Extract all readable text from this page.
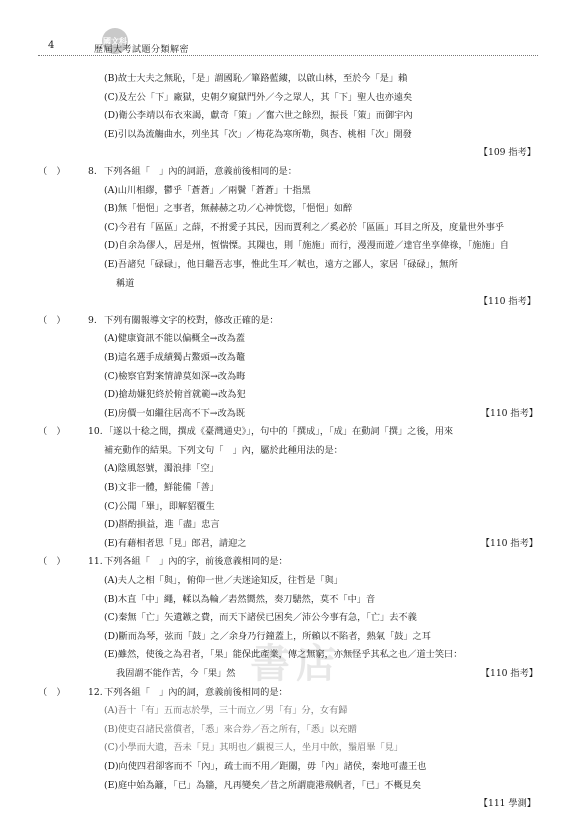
4	國文科
歷屆大考試題分類解密
(B)故士大夫之無恥，「是」謂國恥／篳路藍縷，以啟山林，至於今「是」賴
(C)及左公「下」廠獄，史朝夕窺獄門外／今之眾人，其「下」聖人也亦遠矣
(D)衛公李靖以布衣來謁，獻奇「策」／奮六世之餘烈，振長「策」而御宇內
(E)引以為流觴曲水，列坐其「次」／梅花為寒所勒，與杏、桃相「次」開發
【109 指考】
（　）	8. 下列各組「　」內的詞語，意義前後相同的是：
(A)山川相繆，鬱乎「蒼蒼」／兩鬢「蒼蒼」十指黑
(B)無「悒悒」之事者，無赫赫之功／心神恍惚，「悒悒」如醉
(C)今君有「區區」之薛，不拊愛子其民，因而賈利之／奚必於「區區」耳目之所及，度量世外事乎
(D)自余為僇人，居是州，恆惴慄。其隟也，則「施施」而行，漫漫而遊／達官坐享偉祿，「施施」自
(E)吾諸兒「碌碌」，他日繼吾志事，惟此生耳／軾也，遠方之鄙人，家居「碌碌」，無所
稱道
【110 指考】
（　）	9. 下列有關報導文字的校對，修改正確的是：
(A)健康資訊不能以偏概全→改為蓋
(B)這名選手成績獨占鰲頭→改為鼇
(C)檢察官對案情諱莫如深→改為晦
(D)搶劫嫌犯終於俯首就範→改為犯
(E)房價一如繼往居高不下→改為既	【110 指考】
（　）	10. 「遂以十稔之間，撰成《臺灣通史》」，句中的「撰成」，「成」在動詞「撰」之後，用來
補充動作的結果。下列文句「　」內，屬於此種用法的是：
(A)陰風怒號，濁浪排「空」
(B)文非一體，鮮能備「善」
(C)公聞「畢」，即解貂覆生
(D)斟酌損益，進「盡」忠言
(E)有藉相者思「見」郎君，請迎之	【110 指考】
（　）	11. 下列各組「　」內的字，前後意義相同的是：
(A)夫人之相「與」，俯仰一世／夫迷途知反，往哲是「與」
(B)木直「中」繩，輮以為輪／砉然嚮然，奏刀騞然，莫不「中」音
(C)秦無「亡」矢遺鏃之費，而天下諸侯已困矣／沛公今事有急，「亡」去不義
(D)斷而為琴，弦而「鼓」之／余身乃行鐘蓋上，所賴以不陷者，熱氣「鼓」之耳
(E)雖然，使後之為君者，「果」能保此產業，傳之無窮，亦無怪乎其私之也／道士笑曰：
我固謂不能作苦，今「果」然	【110 指考】
（　）	12. 下列各組「　」內的詞，意義前後相同的是：
(A)吾十「有」五而志於學，三十而立／男「有」分，女有歸
(B)使吏召諸民當償者，「悉」來合券／吾之所有，「悉」以充贈
(C)小學而大遺，吾未「見」其明也／覷視三人，坐月中飲，鬚眉畢「見」
(D)向使四君卻客而不「內」，疏士而不用／距關，毋「內」諸侯，秦地可盡王也
(E)庭中始為籬，「已」為牆，凡再變矣／昔之所謂鹿港飛帆者，「已」不概見矣
【111 學測】
書店
